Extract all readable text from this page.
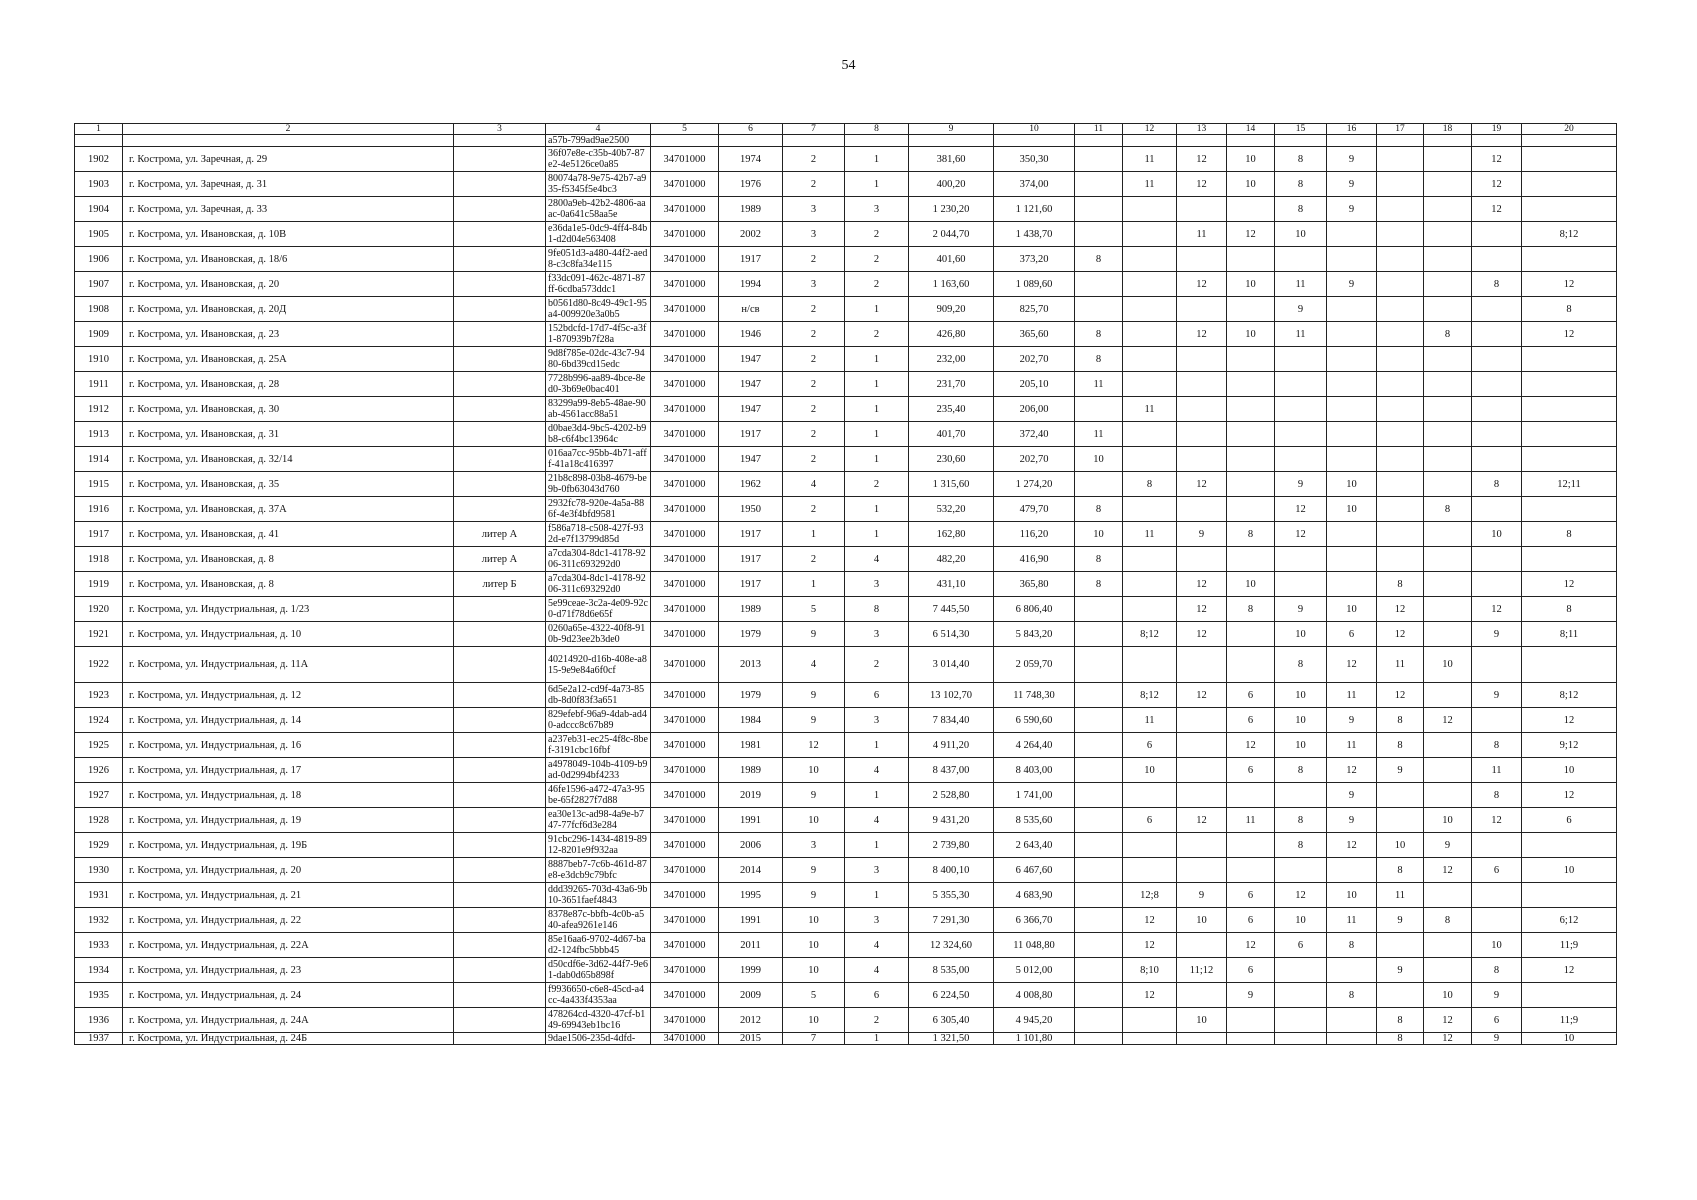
54
1	2	3	4	5	6	7	8	9	10	11	12	13	14	15	16	17	18	19	20
			a57b-799ad9ae2500																
1902	г. Кострома, ул. Заречная, д. 29		36f07e8e-c35b-40b7-87e2-4e5126ce0a85	34701000	1974	2	1	381,60	350,30		11	12	10	8	9			12	
1903	г. Кострома, ул. Заречная, д. 31		80074a78-9e75-42b7-a935-f5345f5e4bc3	34701000	1976	2	1	400,20	374,00		11	12	10	8	9			12	
1904	г. Кострома, ул. Заречная, д. 33		2800a9eb-42b2-4806-aaac-0a641c58aa5e	34701000	1989	3	3	1 230,20	1 121,60					8	9			12	
1905	г. Кострома, ул. Ивановская, д. 10В		e36da1e5-0dc9-4ff4-84b1-d2d04e563408	34701000	2002	3	2	2 044,70	1 438,70			11	12	10					8;12
1906	г. Кострома, ул. Ивановская, д. 18/6		9fe051d3-a480-44f2-aed8-c3c8fa34e115	34701000	1917	2	2	401,60	373,20	8									
1907	г. Кострома, ул. Ивановская, д. 20		f33dc091-462c-4871-87ff-6cdba573ddc1	34701000	1994	3	2	1 163,60	1 089,60			12	10	11	9			8	12
1908	г. Кострома, ул. Ивановская, д. 20Д		b0561d80-8c49-49c1-95a4-009920e3a0b5	34701000	н/св	2	1	909,20	825,70					9					8
1909	г. Кострома, ул. Ивановская, д. 23		152bdcfd-17d7-4f5c-a3f1-870939b7f28a	34701000	1946	2	2	426,80	365,60	8		12	10	11			8		12
1910	г. Кострома, ул. Ивановская, д. 25А		9d8f785e-02dc-43c7-9480-6bd39cd15edc	34701000	1947	2	1	232,00	202,70	8									
1911	г. Кострома, ул. Ивановская, д. 28		7728b996-aa89-4bce-8ed0-3b69e0bac401	34701000	1947	2	1	231,70	205,10	11									
1912	г. Кострома, ул. Ивановская, д. 30		83299a99-8eb5-48ae-90ab-4561acc88a51	34701000	1947	2	1	235,40	206,00		11								
1913	г. Кострома, ул. Ивановская, д. 31		d0bae3d4-9bc5-4202-b9b8-c6f4bc13964c	34701000	1917	2	1	401,70	372,40	11									
1914	г. Кострома, ул. Ивановская, д. 32/14		016aa7cc-95bb-4b71-afff-41a18c416397	34701000	1947	2	1	230,60	202,70	10									
1915	г. Кострома, ул. Ивановская, д. 35		21b8c898-03b8-4679-be9b-0fb63043d760	34701000	1962	4	2	1 315,60	1 274,20		8	12		9	10			8	12;11
1916	г. Кострома, ул. Ивановская, д. 37А		2932fc78-920e-4a5a-886f-4e3f4bfd9581	34701000	1950	2	1	532,20	479,70	8				12	10		8		
1917	г. Кострома, ул. Ивановская, д. 41	литер А	f586a718-c508-427f-932d-e7f13799d85d	34701000	1917	1	1	162,80	116,20	10	11	9	8	12				10	8
1918	г. Кострома, ул. Ивановская, д. 8	литер А	a7cda304-8dc1-4178-9206-311c693292d0	34701000	1917	2	4	482,20	416,90	8									
1919	г. Кострома, ул. Ивановская, д. 8	литер Б	a7cda304-8dc1-4178-9206-311c693292d0	34701000	1917	1	3	431,10	365,80	8		12	10			8			12
1920	г. Кострома, ул. Индустриальная, д. 1/23		5e99ceae-3c2a-4e09-92c0-d71f78d6e65f	34701000	1989	5	8	7 445,50	6 806,40			12	8	9	10	12		12	8
1921	г. Кострома, ул. Индустриальная, д. 10		0260a65e-4322-40f8-910b-9d23ee2b3de0	34701000	1979	9	3	6 514,30	5 843,20		8;12	12		10	6	12		9	8;11
1922	г. Кострома, ул. Индустриальная, д. 11А		40214920-d16b-408e-a815-9e9e84a6f0cf	34701000	2013	4	2	3 014,40	2 059,70					8	12	11	10		
1923	г. Кострома, ул. Индустриальная, д. 12		6d5e2a12-cd9f-4a73-85db-8d0f83f3a651	34701000	1979	9	6	13 102,70	11 748,30		8;12	12	6	10	11	12		9	8;12
1924	г. Кострома, ул. Индустриальная, д. 14		829efebf-96a9-4dab-ad40-adccc8c67b89	34701000	1984	9	3	7 834,40	6 590,60		11		6	10	9	8	12		12
1925	г. Кострома, ул. Индустриальная, д. 16		a237eb31-ec25-4f8c-8bef-3191cbc16fbf	34701000	1981	12	1	4 911,20	4 264,40		6		12	10	11	8		8	9;12
1926	г. Кострома, ул. Индустриальная, д. 17		a4978049-104b-4109-b9ad-0d2994bf4233	34701000	1989	10	4	8 437,00	8 403,00		10		6	8	12	9		11	10
1927	г. Кострома, ул. Индустриальная, д. 18		46fe1596-a472-47a3-95be-65f2827f7d88	34701000	2019	9	1	2 528,80	1 741,00						9			8	12
1928	г. Кострома, ул. Индустриальная, д. 19		ea30e13c-ad98-4a9e-b747-77fcf6d3e284	34701000	1991	10	4	9 431,20	8 535,60		6	12	11	8	9		10	12	6
1929	г. Кострома, ул. Индустриальная, д. 19Б		91cbc296-1434-4819-8912-8201e9f932aa	34701000	2006	3	1	2 739,80	2 643,40					8	12	10	9		
1930	г. Кострома, ул. Индустриальная, д. 20		8887beb7-7c6b-461d-87e8-e3dcb9c79bfc	34701000	2014	9	3	8 400,10	6 467,60							8	12	6	10
1931	г. Кострома, ул. Индустриальная, д. 21		ddd39265-703d-43a6-9b10-3651faef4843	34701000	1995	9	1	5 355,30	4 683,90		12;8	9	6	12	10	11			
1932	г. Кострома, ул. Индустриальная, д. 22		8378e87c-bbfb-4c0b-a540-afea9261e146	34701000	1991	10	3	7 291,30	6 366,70		12	10	6	10	11	9	8		6;12
1933	г. Кострома, ул. Индустриальная, д. 22А		85e16aa6-9702-4d67-bad2-124fbc5bbb45	34701000	2011	10	4	12 324,60	11 048,80		12		12	6	8			10	11;9
1934	г. Кострома, ул. Индустриальная, д. 23		d50cdf6e-3d62-44f7-9e61-dab0d65b898f	34701000	1999	10	4	8 535,00	5 012,00		8;10	11;12	6			9		8	12
1935	г. Кострома, ул. Индустриальная, д. 24		f9936650-c6e8-45cd-a4cc-4a433f4353aa	34701000	2009	5	6	6 224,50	4 008,80		12		9		8		10	9	
1936	г. Кострома, ул. Индустриальная, д. 24А		478264cd-4320-47cf-b149-69943eb1bc16	34701000	2012	10	2	6 305,40	4 945,20			10				8	12	6	11;9
1937	г. Кострома, ул. Индустриальная, д. 24Б		9dae1506-235d-4dfd-	34701000	2015	7	1	1 321,50	1 101,80							8	12	9	10
